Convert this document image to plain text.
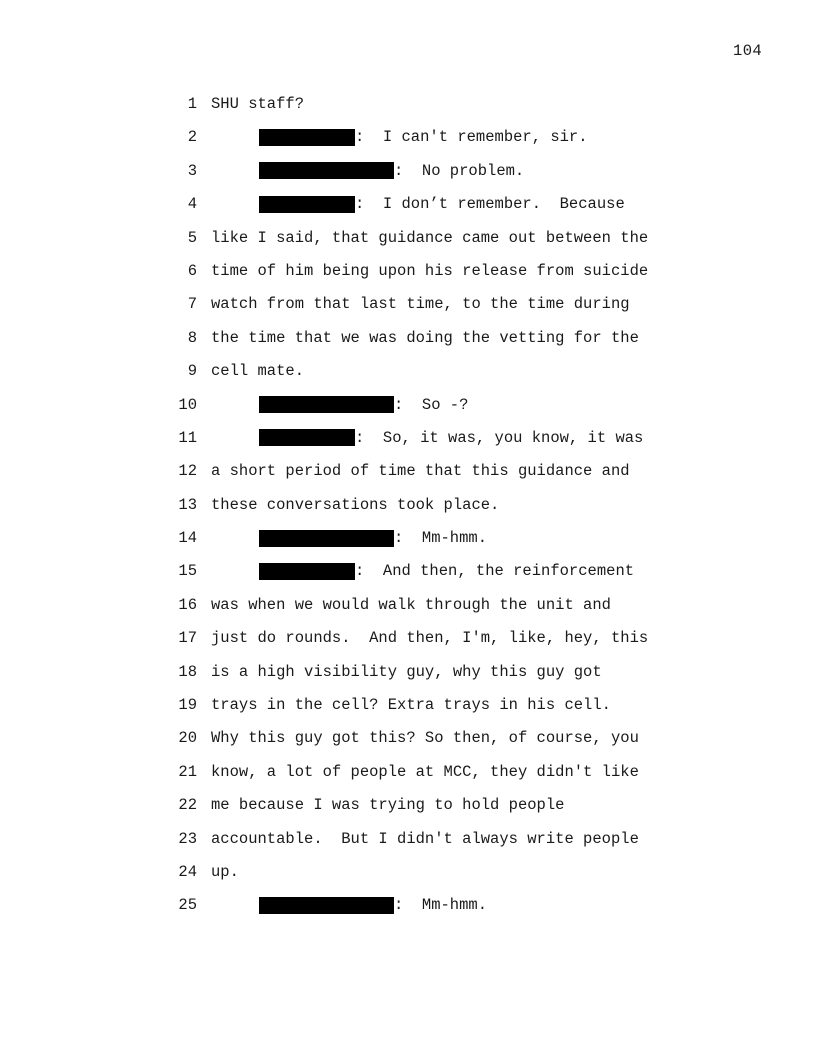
104
1 SHU staff?
2	:  I can't remember, sir.
3	:  No problem.
4	:  I don’t remember.  Because
5 like I said, that guidance came out between the
6 time of him being upon his release from suicide
7 watch from that last time, to the time during
8 the time that we was doing the vetting for the
9 cell mate.
10	:  So -?
11	:  So, it was, you know, it was
12 a short period of time that this guidance and
13 these conversations took place.
14	:  Mm-hmm.
15	:  And then, the reinforcement
16 was when we would walk through the unit and
17 just do rounds.  And then, I'm, like, hey, this
18 is a high visibility guy, why this guy got
19 trays in the cell? Extra trays in his cell.
20 Why this guy got this? So then, of course, you
21 know, a lot of people at MCC, they didn't like
22 me because I was trying to hold people
23 accountable.  But I didn't always write people
24 up.
25	:  Mm-hmm.
